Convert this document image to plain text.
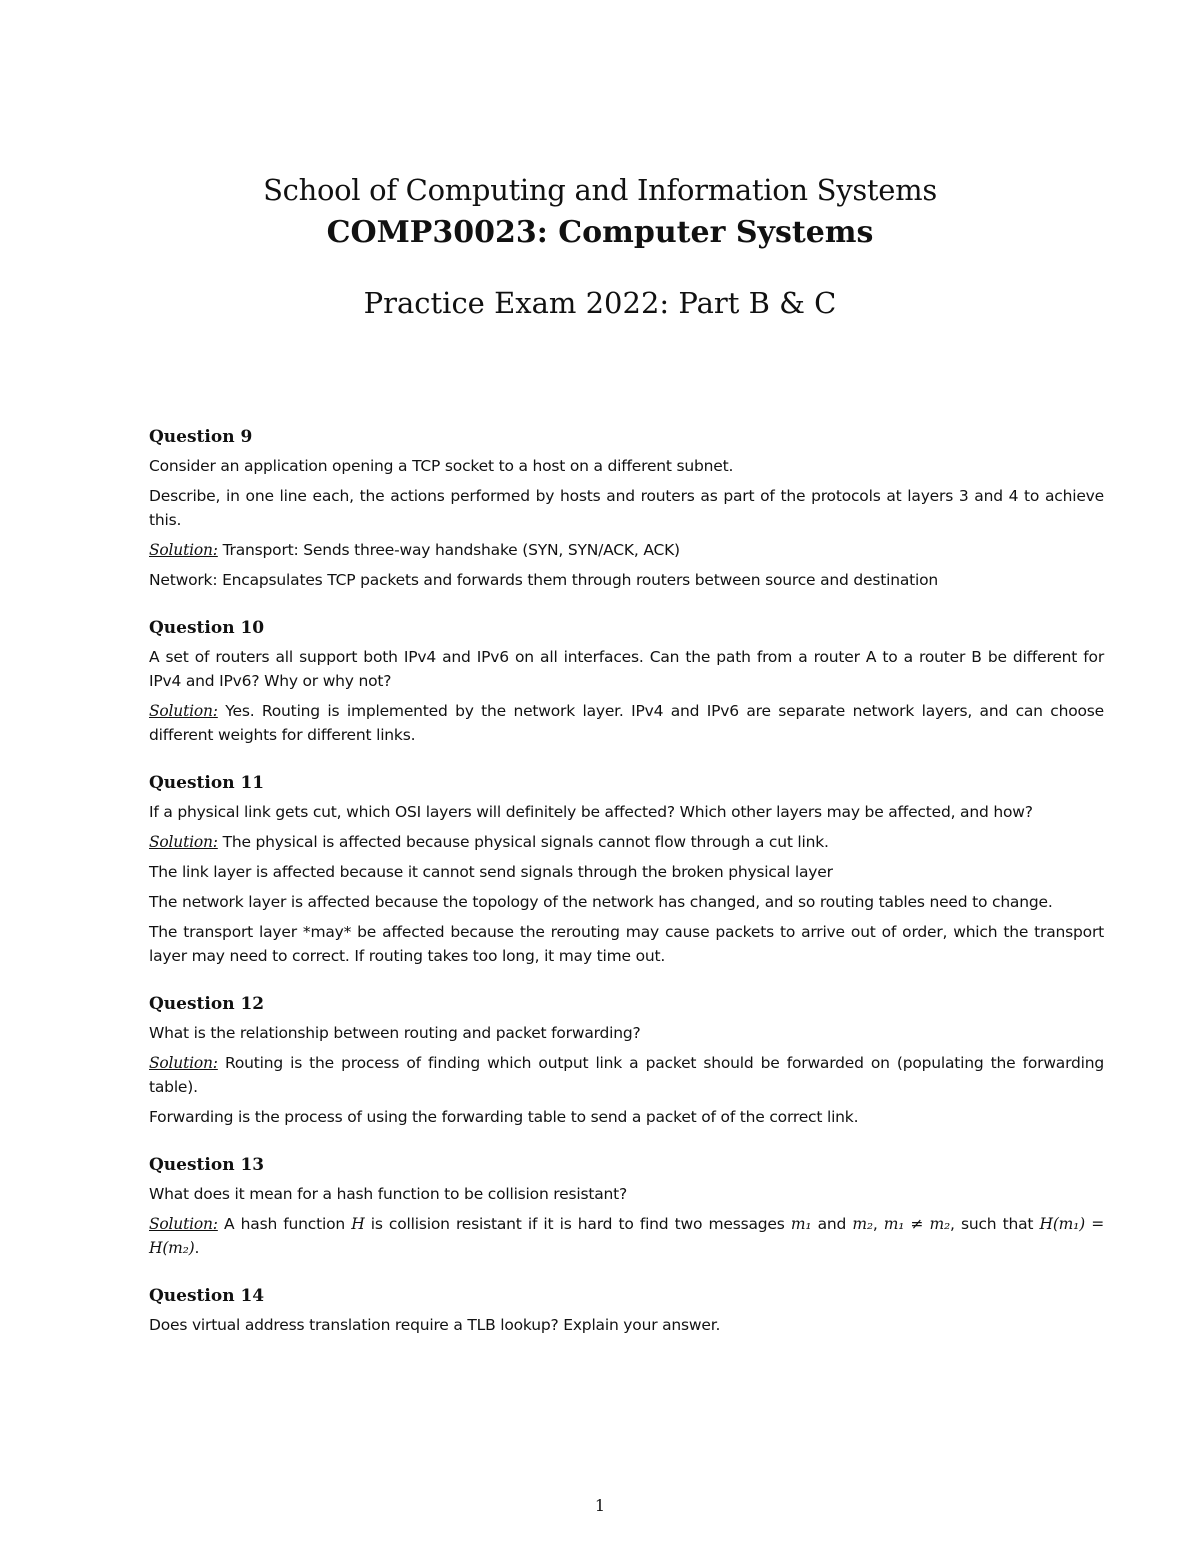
School of Computing and Information Systems
COMP30023: Computer Systems
Practice Exam 2022: Part B & C
Question 9
Consider an application opening a TCP socket to a host on a different subnet.
Describe, in one line each, the actions performed by hosts and routers as part of the protocols at layers 3 and 4 to achieve this.
Solution: Transport: Sends three-way handshake (SYN, SYN/ACK, ACK)
Network: Encapsulates TCP packets and forwards them through routers between source and destination
Question 10
A set of routers all support both IPv4 and IPv6 on all interfaces. Can the path from a router A to a router B be different for IPv4 and IPv6? Why or why not?
Solution: Yes. Routing is implemented by the network layer. IPv4 and IPv6 are separate network layers, and can choose different weights for different links.
Question 11
If a physical link gets cut, which OSI layers will definitely be affected? Which other layers may be affected, and how?
Solution: The physical is affected because physical signals cannot flow through a cut link.
The link layer is affected because it cannot send signals through the broken physical layer
The network layer is affected because the topology of the network has changed, and so routing tables need to change.
The transport layer *may* be affected because the rerouting may cause packets to arrive out of order, which the transport layer may need to correct. If routing takes too long, it may time out.
Question 12
What is the relationship between routing and packet forwarding?
Solution: Routing is the process of finding which output link a packet should be forwarded on (populating the forwarding table).
Forwarding is the process of using the forwarding table to send a packet of of the correct link.
Question 13
What does it mean for a hash function to be collision resistant?
Solution: A hash function H is collision resistant if it is hard to find two messages m₁ and m₂, m₁ ≠ m₂, such that H(m₁) = H(m₂).
Question 14
Does virtual address translation require a TLB lookup? Explain your answer.
1
